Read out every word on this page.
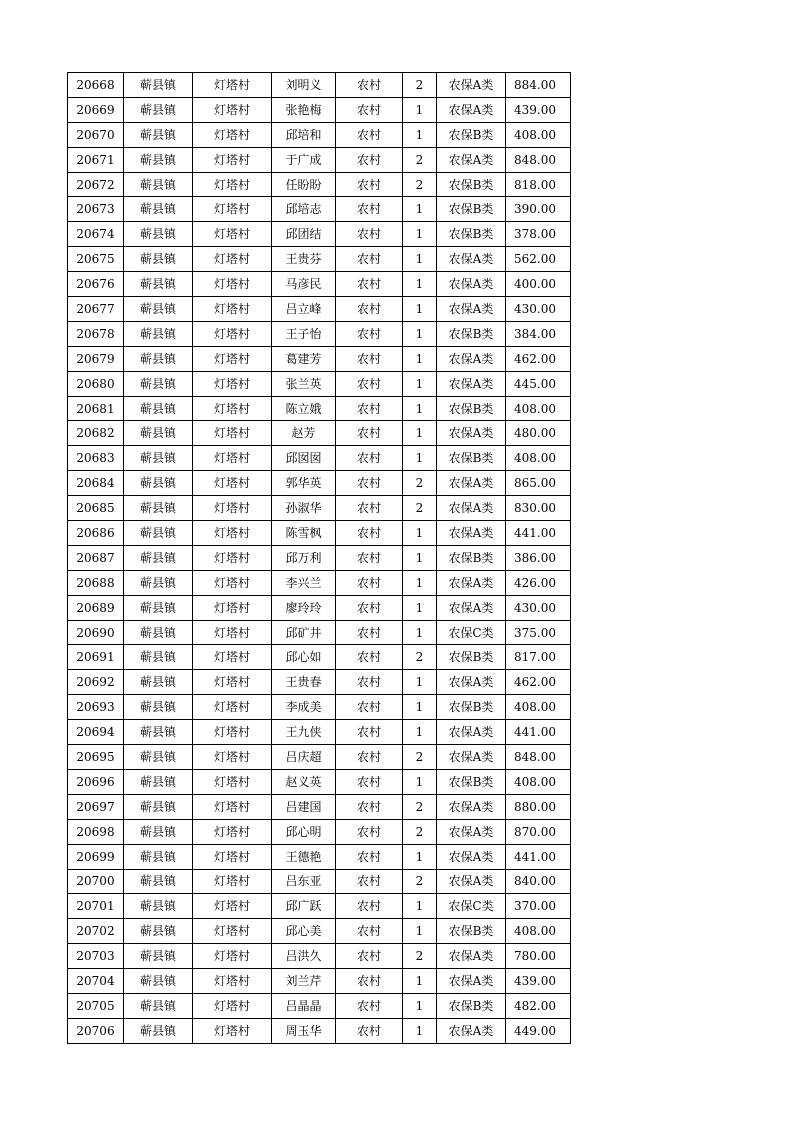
20668	蕲县镇	灯塔村	刘明义	农村	2	农保A类	884.00
20669	蕲县镇	灯塔村	张艳梅	农村	1	农保A类	439.00
20670	蕲县镇	灯塔村	邱培和	农村	1	农保B类	408.00
20671	蕲县镇	灯塔村	于广成	农村	2	农保A类	848.00
20672	蕲县镇	灯塔村	任盼盼	农村	2	农保B类	818.00
20673	蕲县镇	灯塔村	邱培志	农村	1	农保B类	390.00
20674	蕲县镇	灯塔村	邱团结	农村	1	农保B类	378.00
20675	蕲县镇	灯塔村	王贵芬	农村	1	农保A类	562.00
20676	蕲县镇	灯塔村	马彦民	农村	1	农保A类	400.00
20677	蕲县镇	灯塔村	吕立峰	农村	1	农保A类	430.00
20678	蕲县镇	灯塔村	王子怡	农村	1	农保B类	384.00
20679	蕲县镇	灯塔村	葛建芳	农村	1	农保A类	462.00
20680	蕲县镇	灯塔村	张兰英	农村	1	农保A类	445.00
20681	蕲县镇	灯塔村	陈立娥	农村	1	农保B类	408.00
20682	蕲县镇	灯塔村	赵芳	农村	1	农保A类	480.00
20683	蕲县镇	灯塔村	邱囡囡	农村	1	农保B类	408.00
20684	蕲县镇	灯塔村	郭华英	农村	2	农保A类	865.00
20685	蕲县镇	灯塔村	孙淑华	农村	2	农保A类	830.00
20686	蕲县镇	灯塔村	陈雪枫	农村	1	农保A类	441.00
20687	蕲县镇	灯塔村	邱万利	农村	1	农保B类	386.00
20688	蕲县镇	灯塔村	李兴兰	农村	1	农保A类	426.00
20689	蕲县镇	灯塔村	廖玲玲	农村	1	农保A类	430.00
20690	蕲县镇	灯塔村	邱矿井	农村	1	农保C类	375.00
20691	蕲县镇	灯塔村	邱心如	农村	2	农保B类	817.00
20692	蕲县镇	灯塔村	王贵春	农村	1	农保A类	462.00
20693	蕲县镇	灯塔村	李成美	农村	1	农保B类	408.00
20694	蕲县镇	灯塔村	王九侠	农村	1	农保A类	441.00
20695	蕲县镇	灯塔村	吕庆超	农村	2	农保A类	848.00
20696	蕲县镇	灯塔村	赵义英	农村	1	农保B类	408.00
20697	蕲县镇	灯塔村	吕建国	农村	2	农保A类	880.00
20698	蕲县镇	灯塔村	邱心明	农村	2	农保A类	870.00
20699	蕲县镇	灯塔村	王德艳	农村	1	农保A类	441.00
20700	蕲县镇	灯塔村	吕东亚	农村	2	农保A类	840.00
20701	蕲县镇	灯塔村	邱广跃	农村	1	农保C类	370.00
20702	蕲县镇	灯塔村	邱心美	农村	1	农保B类	408.00
20703	蕲县镇	灯塔村	吕洪久	农村	2	农保A类	780.00
20704	蕲县镇	灯塔村	刘兰芹	农村	1	农保A类	439.00
20705	蕲县镇	灯塔村	吕晶晶	农村	1	农保B类	482.00
20706	蕲县镇	灯塔村	周玉华	农村	1	农保A类	449.00
